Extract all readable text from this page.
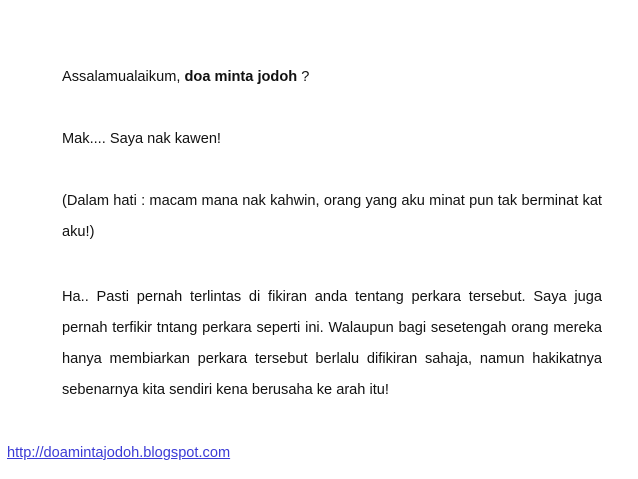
Assalamualaikum, doa minta jodoh ?

Mak.... Saya nak kawen!

(Dalam hati : macam mana nak kahwin, orang yang aku minat pun tak berminat kat aku!)

Ha.. Pasti pernah terlintas di fikiran anda tentang perkara tersebut. Saya juga pernah terfikir tntang perkara seperti ini. Walaupun bagi sesetengah orang mereka hanya membiarkan perkara tersebut berlalu difikiran sahaja, namun hakikatnya sebenarnya kita sendiri kena berusaha ke arah itu!

http://doamintajodoh.blogspot.com
